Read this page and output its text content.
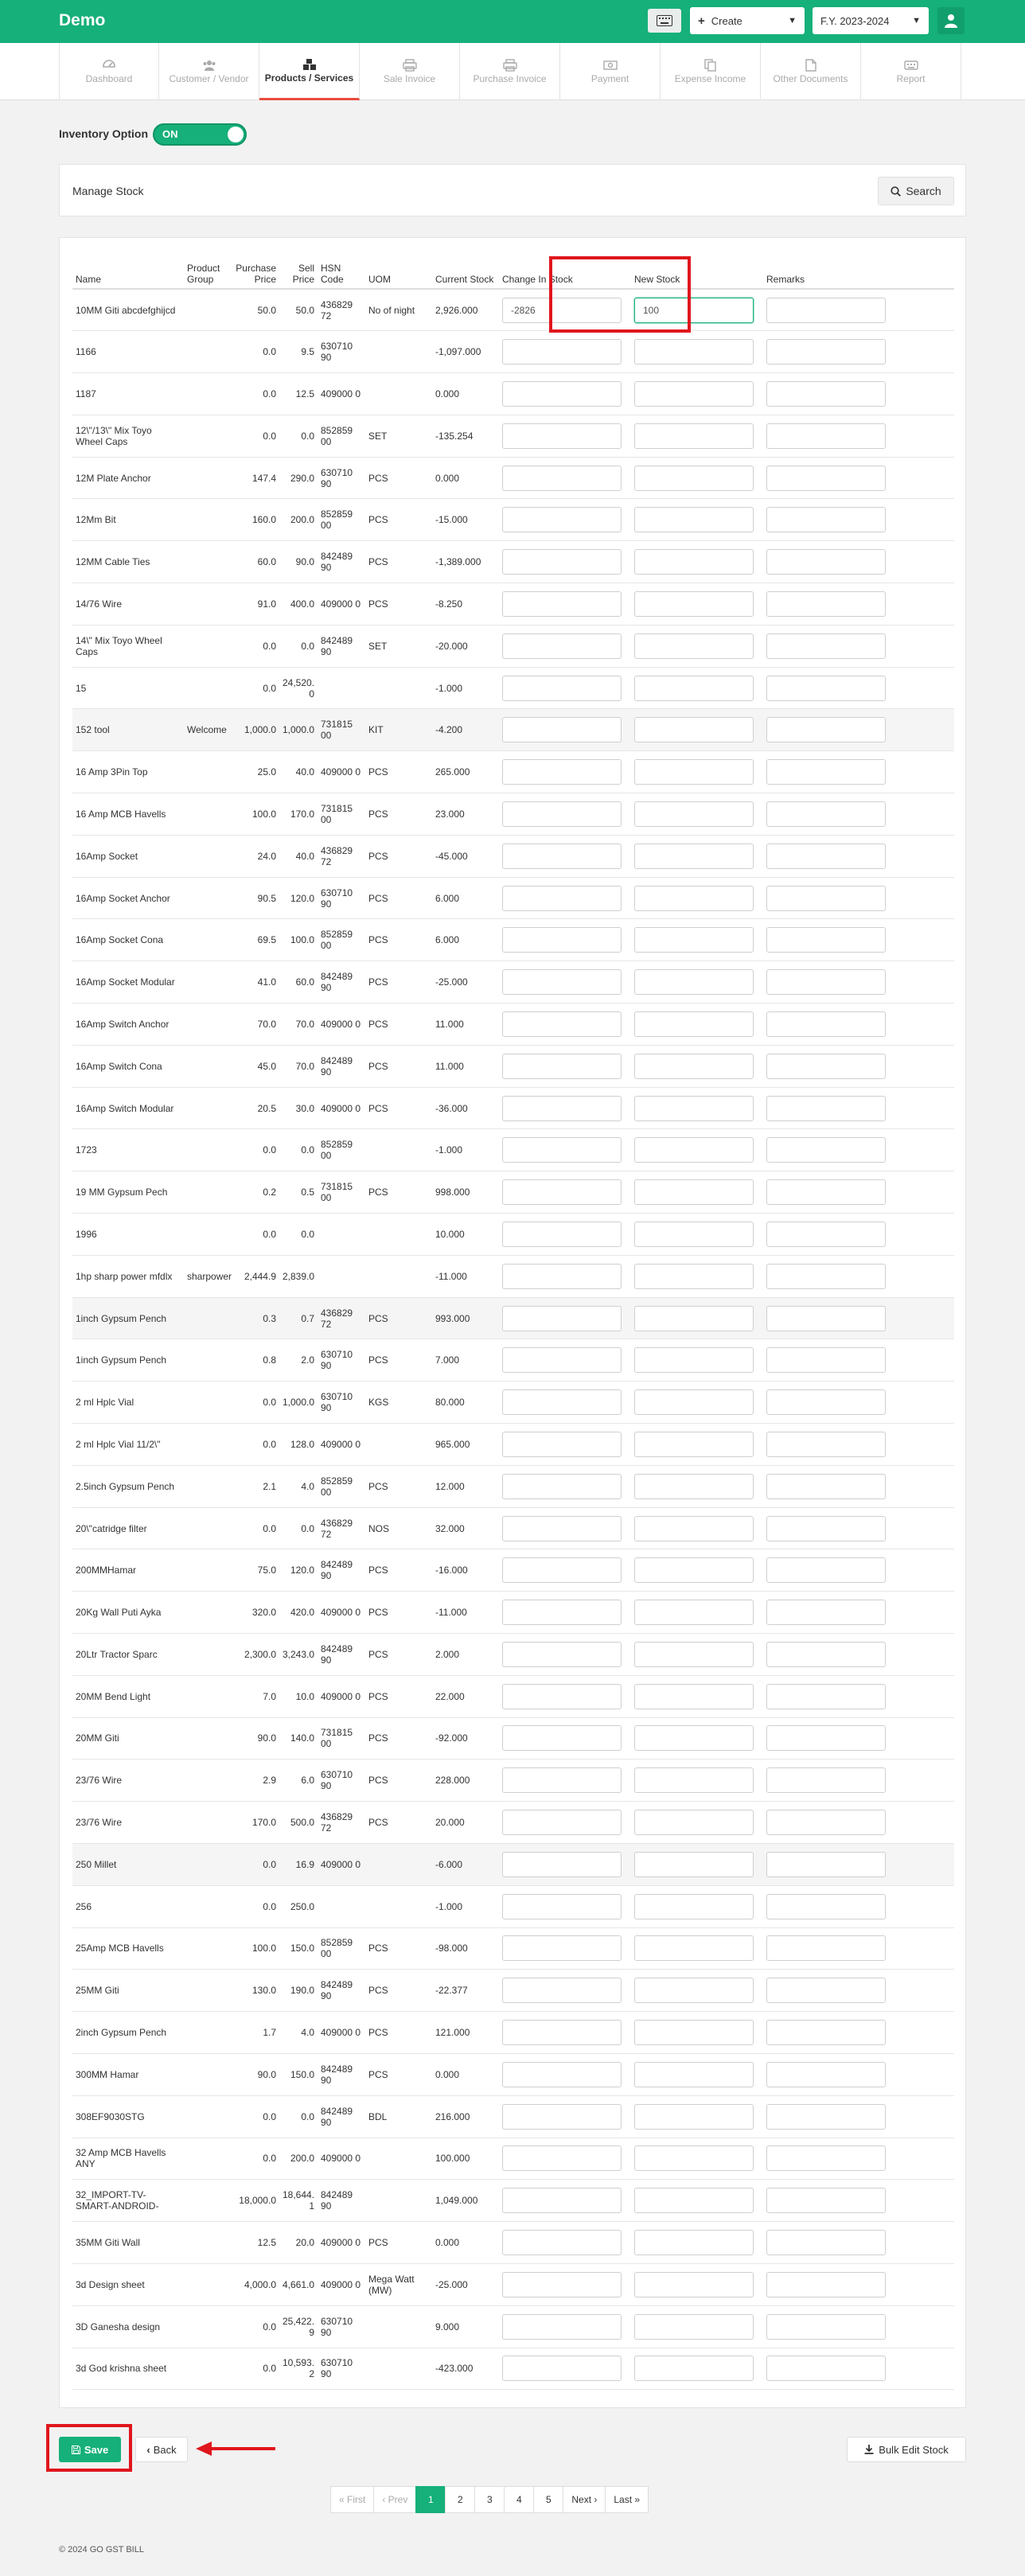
Demo	+ Create	▼ F.Y. 2023-2024	▼
Dashboard	Customer / Vendor Products / Services	Sale Invoice	Purchase Invoice	Payment	Expense Income	Other Documents	Report
Inventory Option ON
Manage Stock	Search
Name	Product Group	Purchase Price	Sell Price	HSN Code	UOM	Current Stock	Change In Stock	New Stock	Remarks
10MM Giti abcdefghijcd		50.0	50.0	436829 72	No of night	2,926.000	-2826	100	
1166		0.0	9.5	630710 90		-1,097.000			
1187		0.0	12.5	409000 0		0.000			
12\"/13\" Mix Toyo Wheel Caps		0.0	0.0	852859 00	SET	-135.254			
12M Plate Anchor		147.4	290.0	630710 90	PCS	0.000			
12Mm Bit		160.0	200.0	852859 00	PCS	-15.000			
12MM Cable Ties		60.0	90.0	842489 90	PCS	-1,389.000			
14/76 Wire		91.0	400.0	409000 0	PCS	-8.250			
14\" Mix Toyo Wheel Caps		0.0	0.0	842489 90	SET	-20.000			
15		0.0	24,520. 0			-1.000			
152 tool	Welcome	1,000.0	1,000.0	731815 00	KIT	-4.200			
16 Amp 3Pin Top		25.0	40.0	409000 0	PCS	265.000			
16 Amp MCB Havells		100.0	170.0	731815 00	PCS	23.000			
16Amp Socket		24.0	40.0	436829 72	PCS	-45.000			
16Amp Socket Anchor		90.5	120.0	630710 90	PCS	6.000			
16Amp Socket Cona		69.5	100.0	852859 00	PCS	6.000			
16Amp Socket Modular		41.0	60.0	842489 90	PCS	-25.000			
16Amp Switch Anchor		70.0	70.0	409000 0	PCS	11.000			
16Amp Switch Cona		45.0	70.0	842489 90	PCS	11.000			
16Amp Switch Modular		20.5	30.0	409000 0	PCS	-36.000			
1723		0.0	0.0	852859 00		-1.000			
19 MM Gypsum Pech		0.2	0.5	731815 00	PCS	998.000			
1996		0.0	0.0			10.000			
1hp sharp power mfdlx	sharpower	2,444.9	2,839.0			-11.000			
1inch Gypsum Pench		0.3	0.7	436829 72	PCS	993.000			
1inch Gypsum Pench		0.8	2.0	630710 90	PCS	7.000			
2 ml Hplc Vial		0.0	1,000.0	630710 90	KGS	80.000			
2 ml Hplc Vial 11/2\"		0.0	128.0	409000 0		965.000			
2.5inch Gypsum Pench		2.1	4.0	852859 00	PCS	12.000			
20\"catridge filter		0.0	0.0	436829 72	NOS	32.000			
200MMHamar		75.0	120.0	842489 90	PCS	-16.000			
20Kg Wall Puti Ayka		320.0	420.0	409000 0	PCS	-11.000			
20Ltr Tractor Sparc		2,300.0	3,243.0	842489 90	PCS	2.000			
20MM Bend Light		7.0	10.0	409000 0	PCS	22.000			
20MM Giti		90.0	140.0	731815 00	PCS	-92.000			
23/76 Wire		2.9	6.0	630710 90	PCS	228.000			
23/76 Wire		170.0	500.0	436829 72	PCS	20.000			
250 Millet		0.0	16.9	409000 0		-6.000			
256		0.0	250.0			-1.000			
25Amp MCB Havells		100.0	150.0	852859 00	PCS	-98.000			
25MM Giti		130.0	190.0	842489 90	PCS	-22.377			
2inch Gypsum Pench		1.7	4.0	409000 0	PCS	121.000			
300MM Hamar		90.0	150.0	842489 90	PCS	0.000			
308EF9030STG		0.0	0.0	842489 90	BDL	216.000			
32 Amp MCB Havells ANY		0.0	200.0	409000 0		100.000			
32_IMPORT-TV-SMART-ANDROID-		18,000.0	18,644. 1	842489 90		1,049.000			
35MM Giti Wall		12.5	20.0	409000 0	PCS	0.000			
3d Design sheet		4,000.0	4,661.0	409000 0	Mega Watt (MW)	-25.000			
3D Ganesha design		0.0	25,422. 9	630710 90		9.000			
3d God krishna sheet		0.0	10,593. 2	630710 90		-423.000			
Save	‹ Back	Bulk Edit Stock
« First	‹ Prev	1	2	3	4	5	Next ›	Last »
© 2024 GO GST BILL
